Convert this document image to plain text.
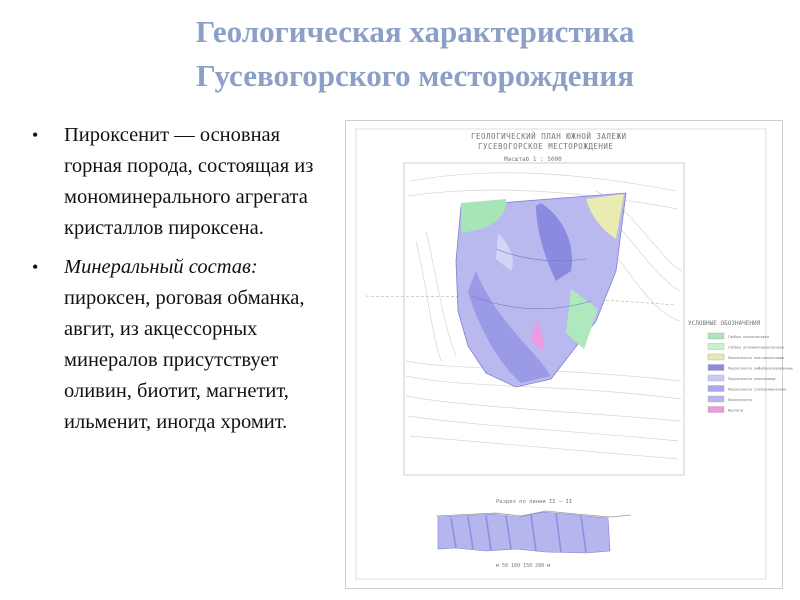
Геологическая характеристика
Гусевогорского месторождения
• Пироксенит — основная горная порода, состоящая из мономинерального агрегата кристаллов пироксена.
• Минеральный состав: пироксен, роговая обманка, авгит, из акцессорных минералов присутствует оливин, биотит, магнетит, ильменит, иногда хромит.
ГЕОЛОГИЧЕСКИЙ ПЛАН ЮЖНОЙ ЗАЛЕЖИ
ГУСЕВОГОРСКОЕ МЕСТОРОЖДЕНИЕ
Масштаб 1 : 5000
УСЛОВНЫЕ ОБОЗНАЧЕНИЯ
Габбро пироксеновое
Габбро оливинопироксеновое
Пироксениты плагиоклазовые
Пироксениты амфиболизированные
Пироксениты оливиновые
Пироксениты слабоизмененные
Пироксениты
Верлиты
Разрез по линии II – II
м 50 100 150 200 м
